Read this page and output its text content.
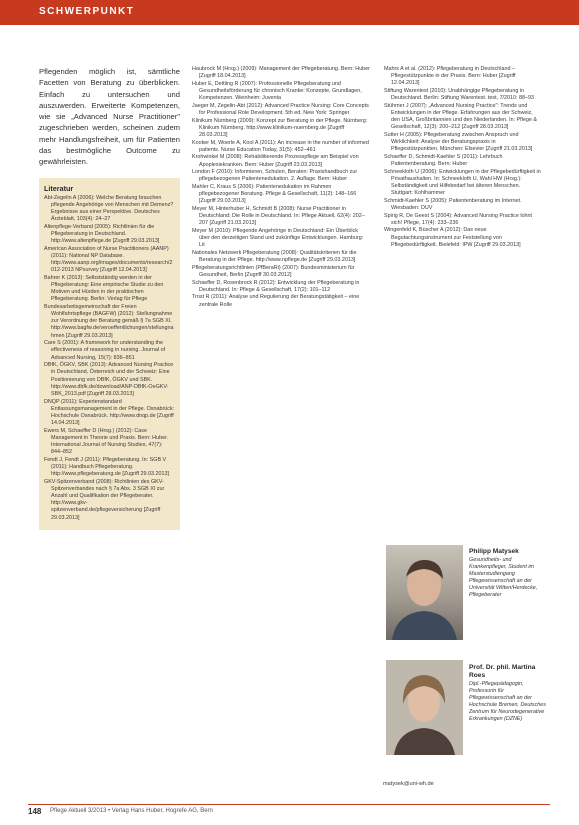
SCHWERPUNKT

Pflegenden möglich ist, sämtliche Facetten von Beratung zu überblicken. Einfach zu untersuchen und auszuwerden. Erweiterte Kompetenzen, wie sie „Advanced Nurse Practitioner" zugeschrieben werden, scheinen zudem mehr Handlungsfreiheit, um für Patienten das bestmögliche Outcome zu gewährleisten.

Literatur
Abt-Zegelin A (2006): Welche Beratung brauchen pflegende Angehörige von Menschen mit Demenz? Ergebnisse aus einer Perspektive. Deutsches Ärzteblatt, 103(4): 24–27
Altenpflege-Verband (2005): Richtlinien für die Pflegeberatung in Deutschland. http://www.altenpflege.de [Zugriff 29.03.2013]
American Association of Nurse Practitioners (AANP) (2011): National NP Database. http://www.aanp.org/images/documents/research/2012-2013 NPsurvey [Zugriff 12.04.2013]
Bahrer K (2013): Selbstständig werden in der Pflegeberatung: Eine empirische Studie zu den Motiven und Hürden in der praktischen Pflegeberatung. Berlin: Verlag für Pflege
Bundesarbeitsgemeinschaft der Freien Wohlfahrtspflege (BAGFW) (2012): Stellungnahme zur Verordnung der Beratung gemäß § 7a SGB XI. http://www.bagfw.de/veroeffentlichungen/stellungnahmen [Zugriff 29.03.2013]
Care S (2001): A framework for understanding the effectiveness of reasoning in nursing. Journal of Advanced Nursing, 15(7): 836–851
DBfK, ÖGKV, SBK (2013): Advanced Nursing Practice in Deutschland, Österreich und der Schweiz: Eine Positionierung von DBfK, ÖGKV und SBK. http://www.dbfk.de/download/ANP-DBfK-OeGKV-SBK_2013.pdf [Zugriff 28.03.2013]
DNQP (2011): Expertenstandard Entlassungsmanagement in der Pflege. Osnabrück: Hochschule Osnabrück. http://www.dnqp.de [Zugriff 14.04.2013]
Ewers M, Schaeffer D (Hrsg.) (2012): Case Management in Theorie und Praxis. Bern: Huber. International Journal of Nursing Studies, 47(7): 844–852
Fendt J, Fendt J (2011): Pflegeberatung. In: SGB V (2011): Handbuch Pflegeberatung. http://www.pflegeberatung.de [Zugriff 29.03.2013]
GKV-Spitzenverband (2008): Richtlinien des GKV-Spitzenverbandes nach § 7a Abs. 3 SGB XI zur Anzahl und Qualifikation der Pflegeberater. http://www.gkv-spitzenverband.de/pflegeversicherung [Zugriff 29.03.2013]
Haubrock M (Hrsg.) (2009): Management der Pflegeberatung. Bern: Huber [Zugriff 18.04.2013]
Huber E, Dettling R (2007): Professionelle Pflegeberatung und Gesundheitsförderung für chronisch Kranke: Konzepte, Grundlagen, Kompetenzen. Weinheim: Juventa
Jaeger M, Zegelin-Abt (2012): Advanced Practice Nursing: Core Concepts for Professional Role Development. 5th ed. New York: Springer
Klinikum Nürnberg (2009): Konzept zur Beratung in der Pflege. Nürnberg: Klinikum Nürnberg. http://www.klinikum-nuernberg.de [Zugriff 28.03.2013]
Kooker M, Woerle A, Kool A (2011): An increase in the number of informed patients. Nurse Education Today, 31(5): 452–461
Krohwinkel M (2008): Rehabilitierende Prozesspflege am Beispiel von Apoplexiekranken. Bern: Huber [Zugriff 23.03.2013]
London F (2010): Informieren, Schulen, Beraten: Praxishandbuch zur pflegebezogenen Patientenedukation. 2. Auflage. Bern: Huber
Mahler C, Kraus S (2006): Patientenedukation im Rahmen pflegebezogener Beratung. Pflege & Gesellschaft, 11(2): 148–166 [Zugriff 29.03.2013]
Meyer M, Hinterhuber H, Schmidt B (2008): Nurse Practitioner in Deutschland: Die Rolle in Deutschland. In: Pflege Aktuell, 62(4): 202–207 [Zugriff 21.03.2013]
Meyer M (2010): Pflegende Angehörige in Deutschland: Ein Überblick über den derzeitigen Stand und zukünftige Entwicklungen. Hamburg: Lit
Nationales Netzwerk Pflegeberatung (2008): Qualitätskriterien für die Beratung in der Pflege. http://www.npflege.de [Zugriff 29.03.2013]
Pflegeberatungsrichtlinien (PfBeraRi) (2007): Bundesministerium für Gesundheit, Berlin [Zugriff 30.03.2012]
Schaeffer D, Rosenbrock R (2012): Entwicklung der Pflegeberatung in Deutschland. In: Pflege & Gesellschaft, 17(2): 101–112
Trost R (2011): Analyse und Regulierung der Beratungstätigkeit – eine zentrale Rolle
Mahrs A et al. (2012): Pflegeberatung in Deutschland – Pflegestützpunkte in der Praxis. Bern: Huber [Zugriff 12.04.2013]
Stiftung Warentest (2010): Unabhängige Pflegeberatung in Deutschland. Berlin: Stiftung Warentest. test, 7/2010: 88–93
Stühmer J (2007): „Advanced Nursing Practice": Trends und Entwicklungen in der Pflege. Erfahrungen aus der Schweiz, den USA, Großbritannien und den Niederlanden. In: Pflege & Gesellschaft, 12(3): 200–212 [Zugriff 28.03.2013]
Sutter H (2005): Pflegeberatung zwischen Anspruch und Wirklichkeit: Analyse der Beratungspraxis in Pflegestützpunkten. München: Elsevier [Zugriff 21.03.2013]
Schaeffer D, Schmidt-Kaehler S (2011): Lehrbuch Patientenberatung. Bern: Huber
Schneekloth U (2006): Entwicklungen in der Pflegebedürftigkeit in Privathaushalten. In: Schneekloth U, Wahl HW (Hrsg.): Selbständigkeit und Hilfebedarf bei älteren Menschen. Stuttgart: Kohlhammer
Schmidt-Kaehler S (2005): Patientenberatung im Internet. Wiesbaden: DUV
Spirig R, De Geest S (2004): Advanced Nursing Practice lohnt sich! Pflege, 17(4): 233–236
Wingenfeld K, Büscher A (2012): Das neue Begutachtungsinstrument zur Feststellung von Pflegebedürftigkeit. Bielefeld: IPW [Zugriff 29.03.2013]
Philipp Matysek
Gesundheits- und Krankenpfleger, Student im Masterstudiengang Pflegewissenschaft an der Universität Witten/Herdecke, Pflegeberater
Prof. Dr. phil. Martina Roes
Dipl.-Pflegepädagogin, Professorin für Pflegewissenschaft an der Hochschule Bremen, Deutsches Zentrum für Neurodegenerative Erkrankungen (DZNE)
matysek@uni-wh.de
148 Pflege Aktuell 3/2013 • Verlag Hans Huber, Hogrefe AG, Bern
